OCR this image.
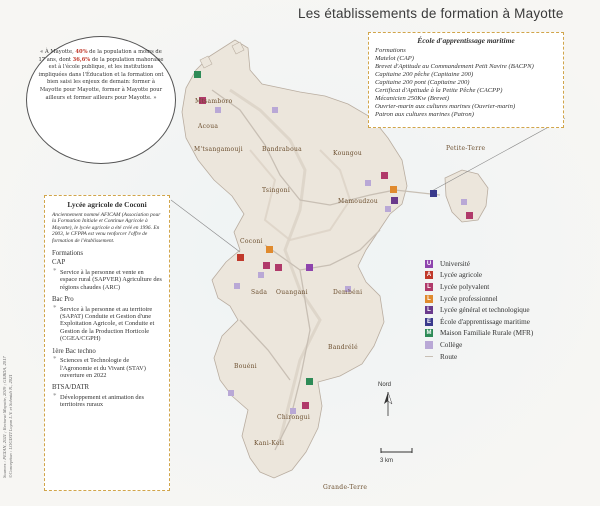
Les établissements de formation à Mayotte
« À Mayotte, 40% de la population a moins de 17 ans, dont 36,6% de la population mahoraise est à l'école publique, et les institutions impliquées dans l'Éducation et la formation ont bien saisi les enjeux de demain: former à Mayotte pour Mayotte, former à Mayotte pour ailleurs et former ailleurs pour Mayotte. »
École d'apprentissage maritime
Formations
Matelot (CAP)
Brevet d'Aptitude au Commandement Petit Navire (BACPN)
Capitaine 200 pêche (Capitaine 200)
Capitaine 200 pont (Capitaine 200)
Certificat d'Aptitude à la Petite Pêche (CACPP)
Mécanicien 250Kw (Brevet)
Ouvrier-marin aux cultures marines (Ouvrier-marin)
Patron aux cultures marines (Patron)
Lycée agricole de Coconi
Anciennement nommé AFICAM (Association pour la Formation Initiale et Continue Agricole à Mayotte), le lycée agricole a été créé en 1996. En 2003, le CFPPA est venu renforcer l'offre de formation de l'établissement.
Formations
CAP
* Service à la personne et vente en espace rural (SAPVER) Agriculture des régions chaudes (ARC)
Bac Pro
* Service à la personne et au territoire (SAPAT) Conduite et Gestion d'une Exploitation Agricole, et Conduite et Gestion de la Production Horticole (CGEA/CGPH)
1ère Bac techno
* Sciences et Technologie de l'Agronomie et du Vivant (STAV) ouverture en 2022
BTSA/DATR
* Développement et animation des territoires ruraux
U Université
A Lycée agricole
L	Lycée polyvalent
L	Lycée professionnel
L	Lycée général et technologique
E École d'apprentissage maritime
M Maison Familiale Rurale (MFR)
Collège
Route
Mtsamboro
Acoua
M'tsangamouji	Bandraboua
Koungou
Tsingoni
Mamoudzou
Coconi
Petite-Terre
Sada Ouangani	Dembéni
Bandrélé
Bouéni
Chirongui
Kani-Kéli
Grande-Terre
Nord
3 km
Sources : PEXAN, 2021 ; Rectorat Mayotte, 2019 ; GEBDA, 2017 ©Conception : LOGISTI Loyan L.V. et Schmidt N., 2021
